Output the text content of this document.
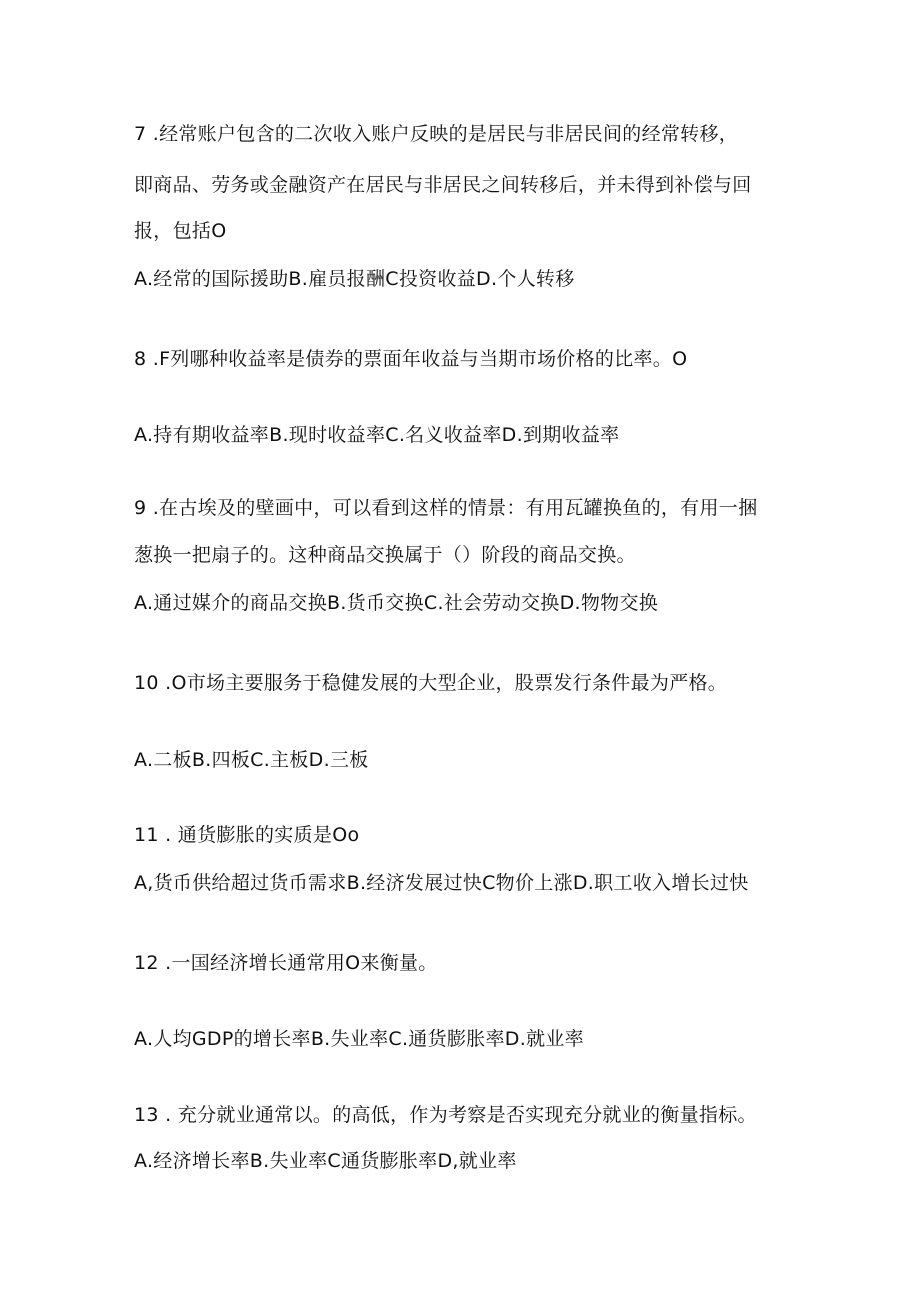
7 .经常账户包含的二次收入账户反映的是居民与非居民间的经常转移，
即商品、劳务或金融资产在居民与非居民之间转移后，并未得到补偿与回
报，包括O
A.经常的国际援助B.雇员报酬C投资收益D.个人转移
8 .F列哪种收益率是债券的票面年收益与当期市场价格的比率。O
A.持有期收益率B.现时收益率C.名义收益率D.到期收益率
9 .在古埃及的壁画中，可以看到这样的情景：有用瓦罐换鱼的，有用一捆
葱换一把扇子的。这种商品交换属于（）阶段的商品交换。
A.通过媒介的商品交换B.货币交换C.社会劳动交换D.物物交换
10 .O市场主要服务于稳健发展的大型企业，股票发行条件最为严格。
A.二板B.四板C.主板D.三板
11 . 通货膨胀的实质是Oo
A,货币供给超过货币需求B.经济发展过快C物价上涨D.职工收入增长过快
12 .一国经济增长通常用O来衡量。
A.人均GDP的增长率B.失业率C.通货膨胀率D.就业率
13 . 充分就业通常以。的高低，作为考察是否实现充分就业的衡量指标。
A.经济增长率B.失业率C通货膨胀率D,就业率
